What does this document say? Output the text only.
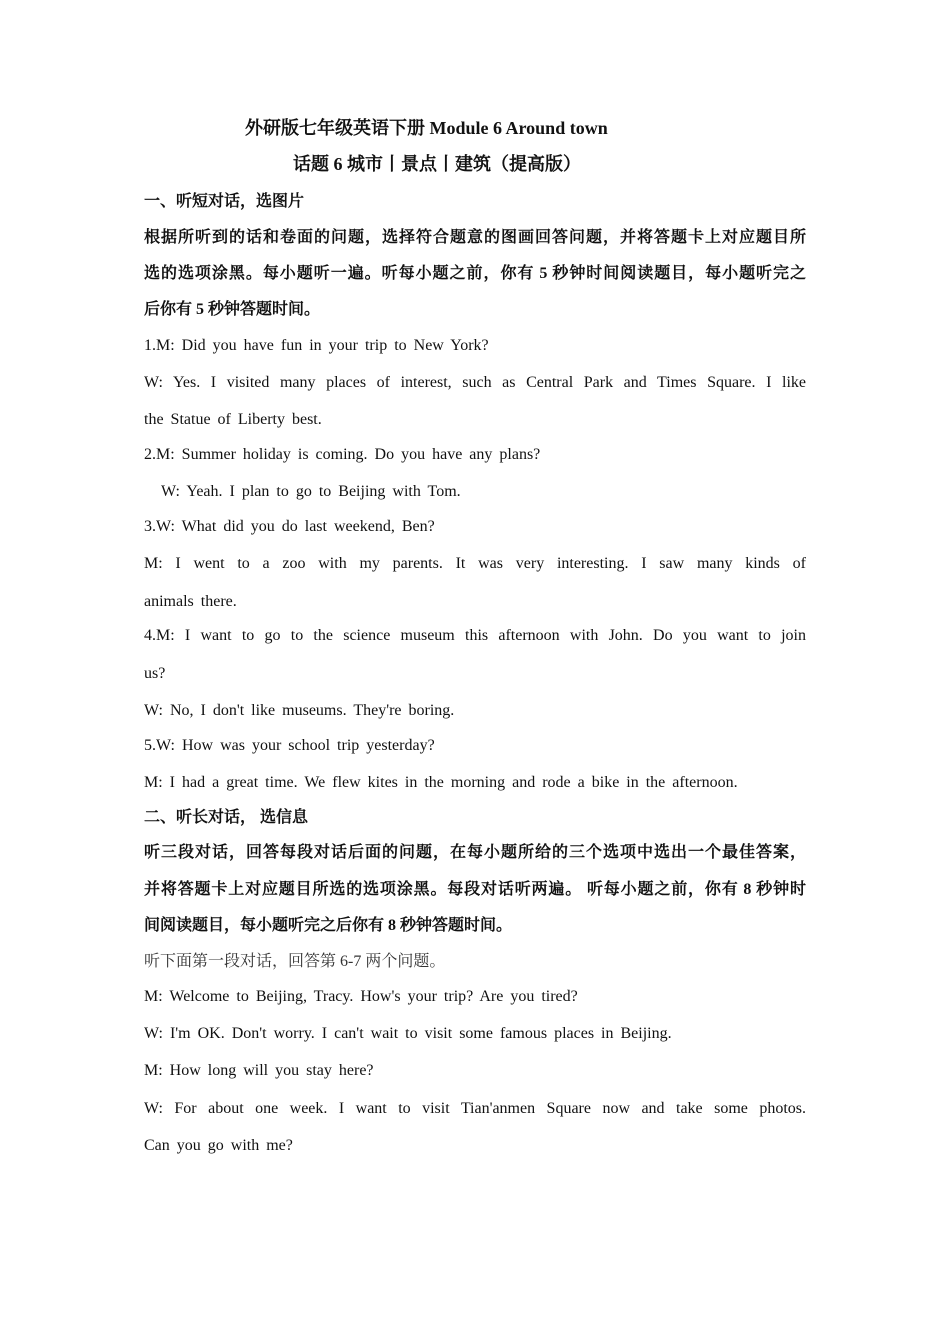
外研版七年级英语下册 Module 6 Around town
话题 6 城市丨景点丨建筑（提高版）
一、听短对话，选图片
根据所听到的话和卷面的问题，选择符合题意的图画回答问题，并将答题卡上对应题目所
选的选项涂黑。每小题听一遍。听每小题之前，你有 5 秒钟时间阅读题目，每小题听完之
后你有 5 秒钟答题时间。
1.M: Did you have fun in your trip to New York?
W: Yes. I visited many places of interest, such as Central Park and Times Square. I like
the Statue of Liberty best.
2.M: Summer holiday is coming. Do you have any plans?
W: Yeah. I plan to go to Beijing with Tom.
3.W: What did you do last weekend, Ben?
M: I went to a zoo with my parents. It was very interesting. I saw many kinds of
animals there.
4.M: I want to go to the science museum this afternoon with John. Do you want to join
us?
W: No, I don't like museums. They're boring.
5.W: How was your school trip yesterday?
M: I had a great time. We flew kites in the morning and rode a bike in the afternoon.
二、听长对话， 选信息
听三段对话，回答每段对话后面的问题，在每小题所给的三个选项中选出一个最佳答案，
并将答题卡上对应题目所选的选项涂黑。每段对话听两遍。 听每小题之前，你有 8 秒钟时
间阅读题目，每小题听完之后你有 8 秒钟答题时间。
听下面第一段对话，回答第 6-7 两个问题。
M: Welcome to Beijing, Tracy. How's your trip? Are you tired?
W: I'm OK. Don't worry. I can't wait to visit some famous places in Beijing.
M: How long will you stay here?
W: For about one week. I want to visit Tian'anmen Square now and take some photos.
Can you go with me?
